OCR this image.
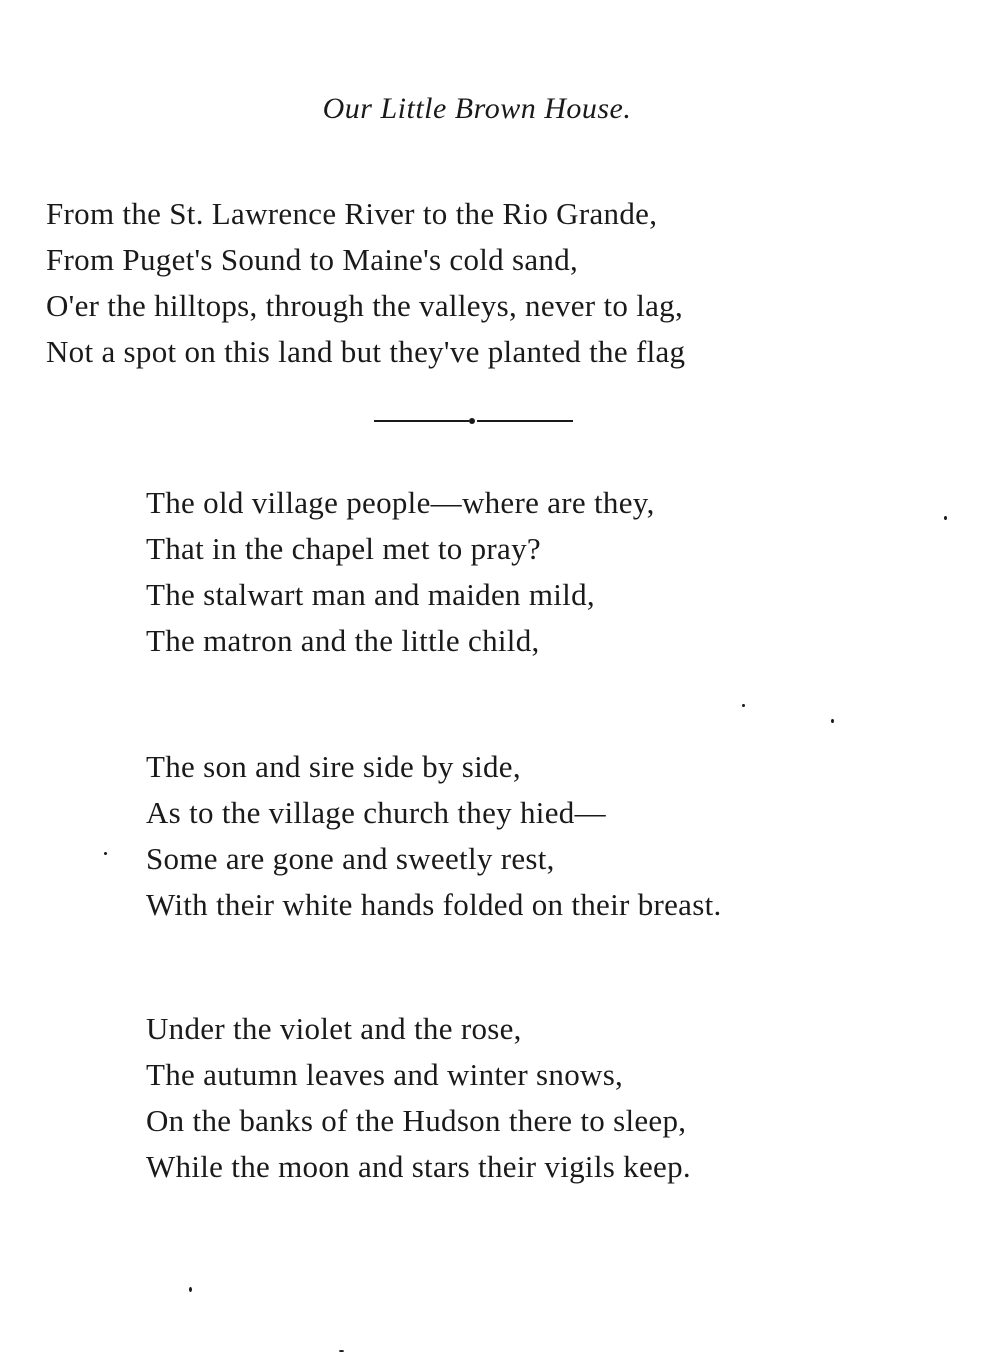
Our Little Brown House.
From the St. Lawrence River to the Rio Grande,
From Puget's Sound to Maine's cold sand,
O'er the hilltops, through the valleys, never to lag,
Not a spot on this land but they've planted the flag
The old village people—where are they,
That in the chapel met to pray?
The stalwart man and maiden mild,
The matron and the little child,
The son and sire side by side,
As to the village church they hied—
Some are gone and sweetly rest,
With their white hands folded on their breast.
Under the violet and the rose,
The autumn leaves and winter snows,
On the banks of the Hudson there to sleep,
While the moon and stars their vigils keep.
